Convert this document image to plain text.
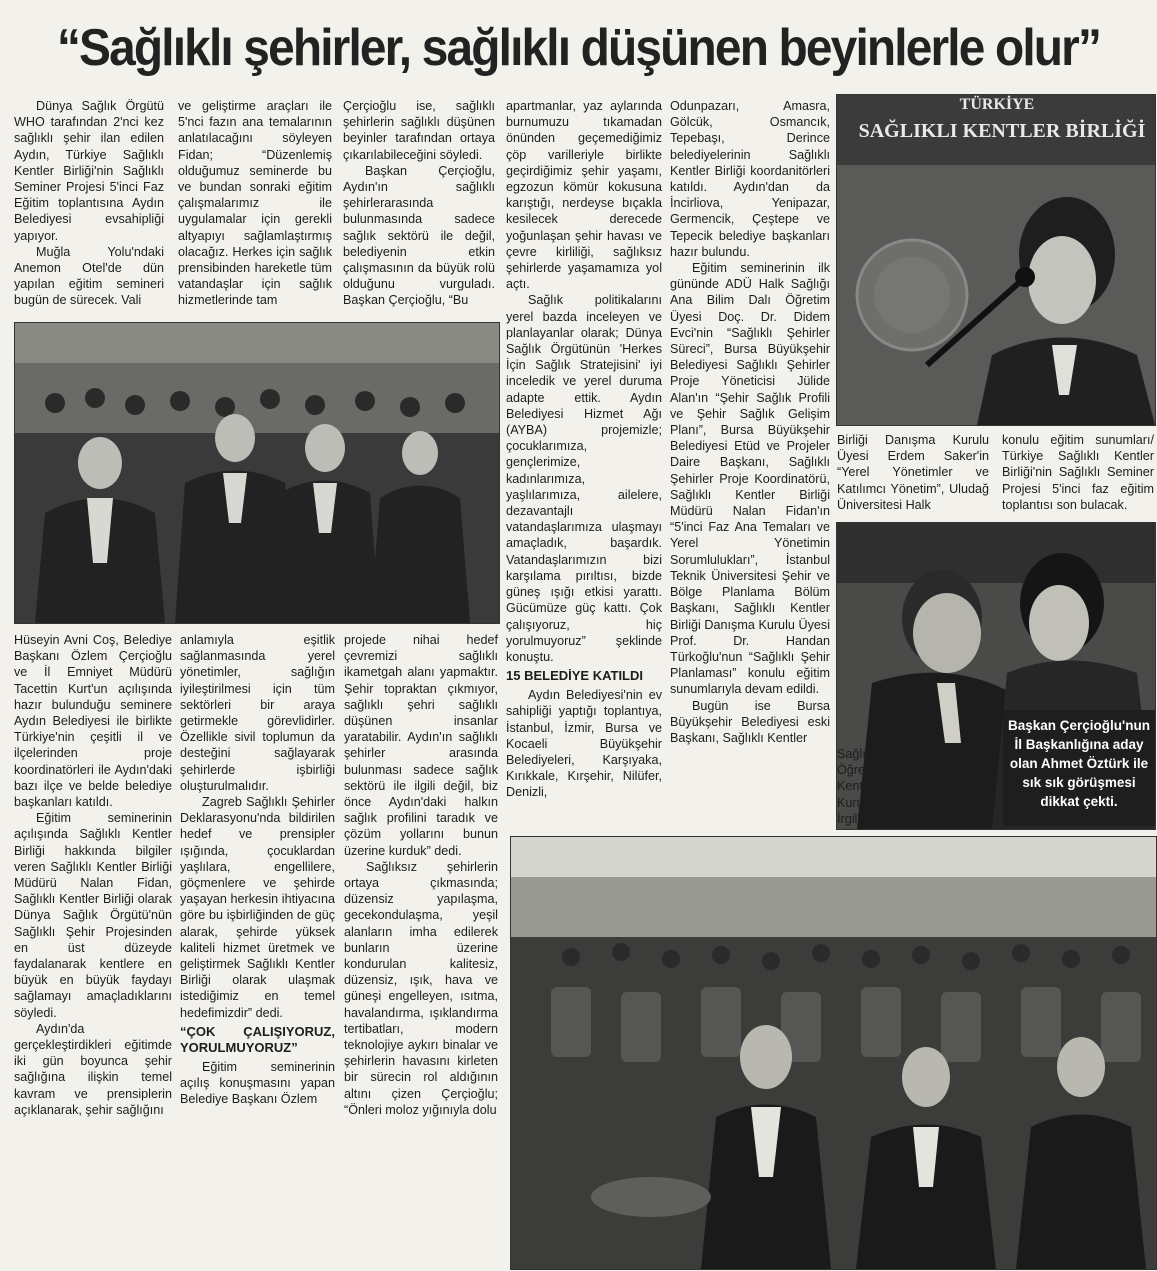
“Sağlıklı şehirler, sağlıklı düşünen beyinlerle olur”

Dünya Sağlık Örgütü WHO tarafından 2'nci kez sağlıklı şehir ilan edilen Aydın, Türkiye Sağlıklı Kentler Birliği'nin Sağlıklı Seminer Projesi 5'inci Faz Eğitim toplantısına Aydın Belediyesi evsahipliği yapıyor.

Muğla Yolu'ndaki Anemon Otel'de dün yapılan eğitim semineri bugün de sürecek. Vali

ve geliştirme araçları ile 5'nci fazın ana temalarının anlatılacağını söyleyen Fidan; “Düzenlemiş olduğumuz seminerde bu ve bundan sonraki eğitim çalışmalarımız ile uygulamalar için gerekli altyapıyı sağlamlaştırmış olacağız. Herkes için sağlık prensibinden hareketle tüm vatandaşlar için sağlık hizmetlerinde tam

Çerçioğlu ise, sağlıklı şehirlerin sağlıklı düşünen beyinler tarafından ortaya çıkarılabileceğini söyledi.

Başkan Çerçioğlu, Aydın'ın sağlıklı şehirlerarasında bulunmasında sadece sağlık sektörü ile değil, belediyenin etkin çalışmasının da büyük rolü olduğunu vurguladı. Başkan Çerçioğlu, “Bu

apartmanlar, yaz aylarında burnumuzu tıkamadan önünden geçemediğimiz çöp varilleriyle birlikte geçirdiğimiz şehir yaşamı, egzozun kömür kokusuna karıştığı, nerdeyse bıçakla kesilecek derecede yoğunlaşan şehir havası ve çevre kirliliği, sağlıksız şehirlerde yaşamamıza yol açtı.

Sağlık politikalarını yerel bazda inceleyen ve planlayanlar olarak; Dünya Sağlık Örgütünün 'Herkes İçin Sağlık Stratejisini' iyi inceledik ve yerel duruma adapte ettik. Aydın Belediyesi Hizmet Ağı (AYBA) projemizle; çocuklarımıza, gençlerimize, kadınlarımıza, yaşlılarımıza, ailelere, dezavantajlı vatandaşlarımıza ulaşmayı amaçladık, başardık. Vatandaşlarımızın bizi karşılama pırıltısı, bizde güneş ışığı etkisi yarattı. Gücümüze güç kattı. Çok çalışıyoruz, hiç yorulmuyoruz” şeklinde konuştu.

15 BELEDİYE KATILDI

Aydın Belediyesi'nin ev sahipliği yaptığı toplantıya, İstanbul, İzmir, Bursa ve Kocaeli Büyükşehir Belediyeleri, Karşıyaka, Kırıkkale, Kırşehir, Nilüfer, Denizli,

Odunpazarı, Amasra, Gölcük, Osmancık, Tepebaşı, Derince belediyelerinin Sağlıklı Kentler Birliği koordanitörleri katıldı. Aydın'dan da İncirliova, Yenipazar, Germencik, Çeştepe ve Tepecik belediye başkanları hazır bulundu.

Eğitim seminerinin ilk gününde ADÜ Halk Sağlığı Ana Bilim Dalı Öğretim Üyesi Doç. Dr. Didem Evci'nin “Sağlıklı Şehirler Süreci”, Bursa Büyükşehir Belediyesi Sağlıklı Şehirler Proje Yöneticisi Jülide Alan'ın “Şehir Sağlık Profili ve Şehir Sağlık Gelişim Planı”, Bursa Büyükşehir Belediyesi Etüd ve Projeler Daire Başkanı, Sağlıklı Şehirler Proje Koordinatörü, Sağlıklı Kentler Birliği Müdürü Nalan Fidan'ın “5'inci Faz Ana Temaları ve Yerel Yönetimin Sorumlulukları”, İstanbul Teknik Üniversitesi Şehir ve Bölge Planlama Bölüm Başkanı, Sağlıklı Kentler Birliği Danışma Kurulu Üyesi Prof. Dr. Handan Türkoğlu'nun “Sağlıklı Şehir Planlaması” konulu eğitim sunumlarıyla devam edildi.

Bugün ise Bursa Büyükşehir Belediyesi eski Başkanı, Sağlıklı Kentler

TÜRKİYE
SAĞLIKLI KENTLER BİRLİĞİ

Birliği Danışma Kurulu Üyesi Erdem Saker'in “Yerel Yönetimler ve Katılımcı Yönetim”, Uludağ Üniversitesi Halk

konulu eğitim sunumları/ Türkiye Sağlıklı Kentler Birliği'nin Sağlıklı Seminer Projesi 5'inci faz eğitim toplantısı son bulacak.

Başkan Çerçioğlu'nun İl Başkanlığına aday olan Ahmet Öztürk ile sık sık görüşmesi dikkat çekti.

Sağlığı Ana Bilim Dalı Öğretim Üyesi, Sağlıklı Kentler Birliği Danışma Kurulu Üyesi Doç. Dr. Emel İrgil'in “Eşitsizlikler”

Hüseyin Avni Coş, Belediye Başkanı Özlem Çerçioğlu ve İl Emniyet Müdürü Tacettin Kurt'un açılışında hazır bulunduğu seminere Aydın Belediyesi ile birlikte Türkiye'nin çeşitli il ve ilçelerinden proje koordinatörleri ile Aydın'daki bazı ilçe ve belde belediye başkanları katıldı.

Eğitim seminerinin açılışında Sağlıklı Kentler Birliği hakkında bilgiler veren Sağlıklı Kentler Birliği Müdürü Nalan Fidan, Sağlıklı Kentler Birliği olarak Dünya Sağlık Örgütü'nün Sağlıklı Şehir Projesinden en üst düzeyde faydalanarak kentlere en büyük en büyük faydayı sağlamayı amaçladıklarını söyledi.

Aydın'da gerçekleştirdikleri eğitimde iki gün boyunca şehir sağlığına ilişkin temel kavram ve prensiplerin açıklanarak, şehir sağlığını

anlamıyla eşitlik sağlanmasında yerel yönetimler, sağlığın iyileştirilmesi için tüm sektörleri bir araya getirmekle görevlidirler. Özellikle sivil toplumun da desteğini sağlayarak şehirlerde işbirliği oluşturulmalıdır.

Zagreb Sağlıklı Şehirler Deklarasyonu'nda bildirilen hedef ve prensipler ışığında, çocuklardan yaşlılara, engellilere, göçmenlere ve şehirde yaşayan herkesin ihtiyacına göre bu işbirliğinden de güç alarak, şehirde yüksek kaliteli hizmet üretmek ve geliştirmek Sağlıklı Kentler Birliği olarak ulaşmak istediğimiz en temel hedefimizdir” dedi.

“ÇOK ÇALIŞIYORUZ, YORULMUYORUZ”

Eğitim seminerinin açılış konuşmasını yapan Belediye Başkanı Özlem

projede nihai hedef çevremizi sağlıklı ikametgah alanı yapmaktır. Şehir topraktan çıkmıyor, sağlıklı şehri sağlıklı düşünen insanlar yaratabilir. Aydın'ın sağlıklı şehirler arasında bulunması sadece sağlık sektörü ile ilgili değil, biz önce Aydın'daki halkın sağlık profilini taradık ve çözüm yollarını bunun üzerine kurduk” dedi.

Sağlıksız şehirlerin ortaya çıkmasında; düzensiz yapılaşma, gecekondulaşma, yeşil alanların imha edilerek bunların üzerine kondurulan kalitesiz, düzensiz, ışık, hava ve güneşi engelleyen, ısıtma, havalandırma, ışıklandırma tertibatları, modern teknolojiye aykırı binalar ve şehirlerin havasını kirleten bir sürecin rol aldığının altını çizen Çerçioğlu; “Önleri moloz yığınıyla dolu
